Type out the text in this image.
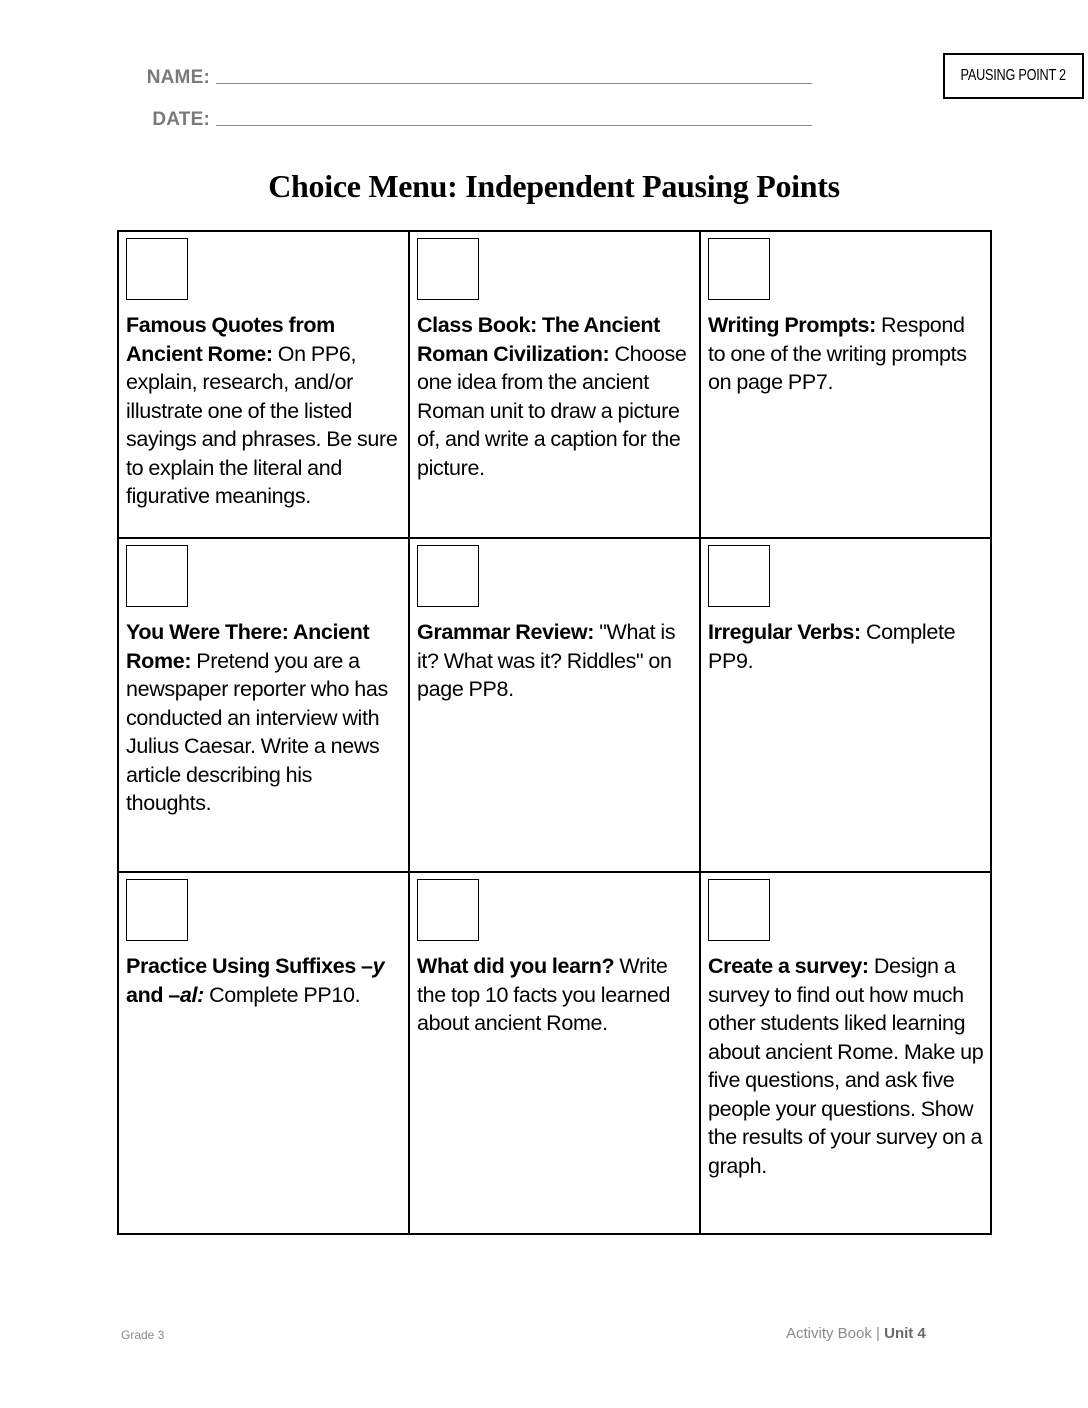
NAME:
DATE:
PAUSING POINT 2
Choice Menu: Independent Pausing Points
Famous Quotes from Ancient Rome: On PP6, explain, research, and/or illustrate one of the listed sayings and phrases. Be sure to explain the literal and figurative meanings.	Class Book: The Ancient Roman Civilization: Choose one idea from the ancient Roman unit to draw a picture of, and write a caption for the picture.	Writing Prompts: Respond to one of the writing prompts on page PP7.

You Were There: Ancient Rome: Pretend you are a newspaper reporter who has conducted an interview with Julius Caesar. Write a news article describing his thoughts.	Grammar Review: "What is it? What was it? Riddles" on page PP8.	Irregular Verbs: Complete PP9.

Practice Using Suffixes –y and –al: Complete PP10.	What did you learn? Write the top 10 facts you learned about ancient Rome.	Create a survey: Design a survey to find out how much other students liked learning about ancient Rome. Make up five questions, and ask five people your questions. Show the results of your survey on a graph.
Grade 3	Activity Book | Unit 4
